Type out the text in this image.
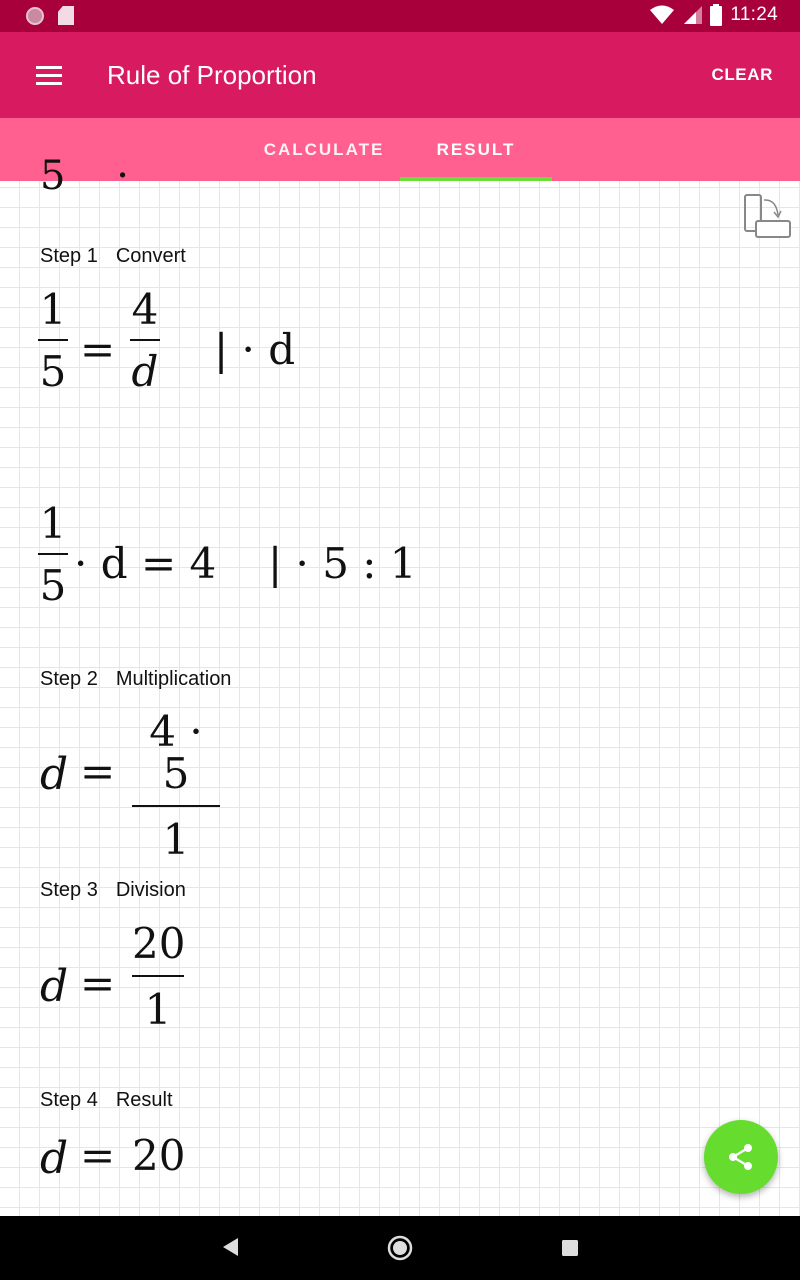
11:24
Rule of Proportion	CLEAR
CALCULATE	RESULT
5    ·
Step 1 Convert
1
5 =
4
d | · d
1
5 · d = 4 | · 5 : 1
Step 2 Multiplication
d =
4 · 5
1
Step 3 Division
d =
20
1
Step 4 Result
d = 20
